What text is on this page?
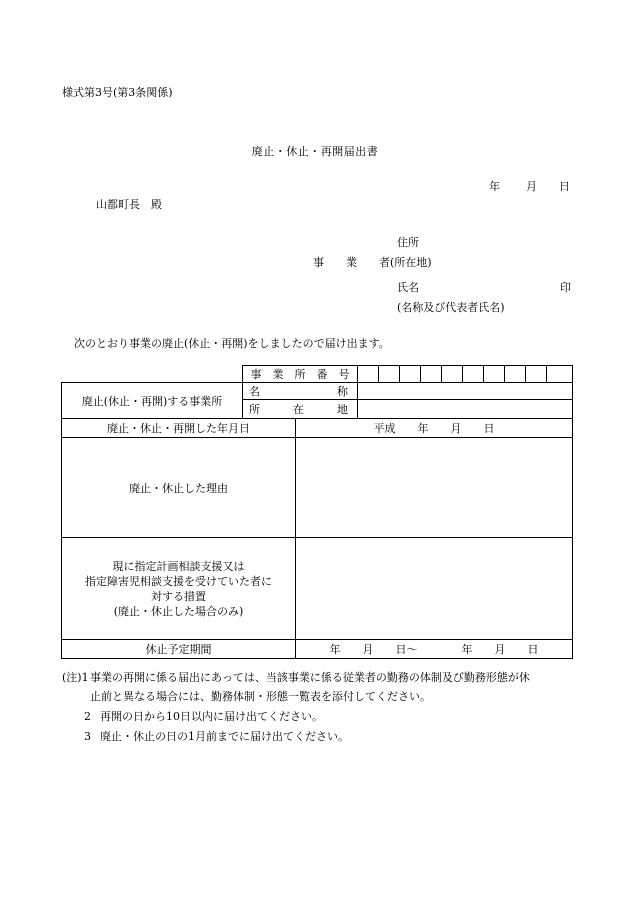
様式第3号(第3条関係)
廃止・休止・再開届出書
年 月 日
山都町長　殿
住所
事　　業　　者(所在地)
氏名	印
(名称及び代表者氏名)
次のとおり事業の廃止(休止・再開)をしましたので届け出ます。
	事　業　所　番　号											
廃止(休止・再開)する事業所	名　　　　　　　称											

	所　　　在　　　地											

廃止・休止・再開した年月日		平成　　年　　月　　日										
廃止・休止した理由												

現に指定計画相談支援又は
指定障害児相談支援を受けていた者に
対する措置
(廃止・休止した場合のみ)												

休止予定期間		年　　月　　日〜　　　　年　　月　　日										
(注)1 事業の再開に係る届出にあっては、当該事業に係る従業者の勤務の体制及び勤務形態が休
止前と異なる場合には、勤務体制・形態一覧表を添付してください。
2 再開の日から10日以内に届け出てください。
3 廃止・休止の日の1月前までに届け出てください。
